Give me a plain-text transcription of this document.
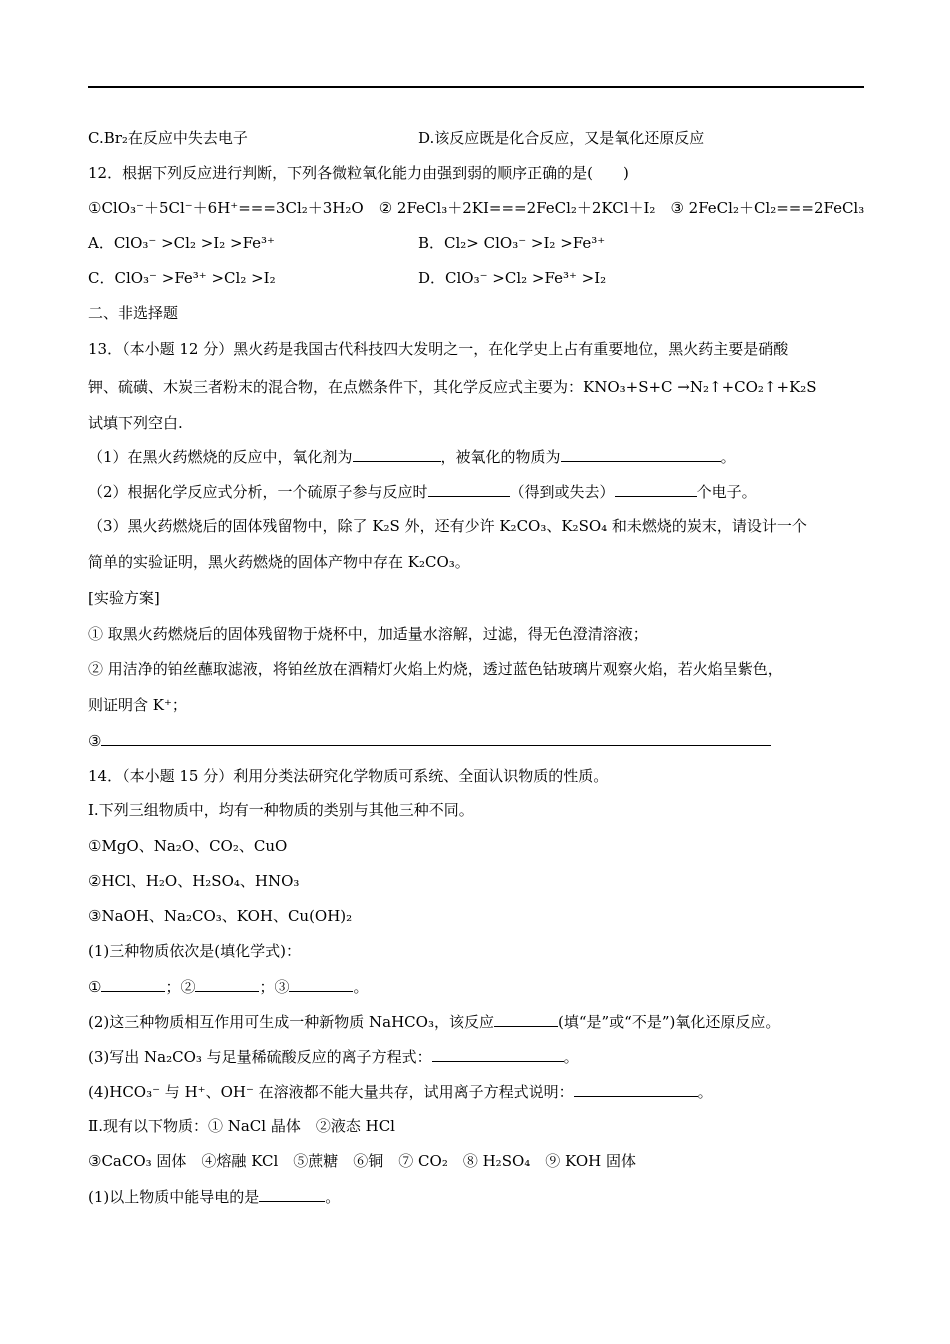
C.Br₂在反应中失去电子	D.该反应既是化合反应，又是氧化还原反应
12．根据下列反应进行判断，下列各微粒氧化能力由强到弱的顺序正确的是(　　)
①ClO₃⁻＋5Cl⁻＋6H⁺===3Cl₂＋3H₂O　② 2FeCl₃＋2KI===2FeCl₂＋2KCl＋I₂　③ 2FeCl₂＋Cl₂===2FeCl₃
A．ClO₃⁻ >Cl₂ >I₂ >Fe³⁺	B．Cl₂> ClO₃⁻ >I₂ >Fe³⁺
C．ClO₃⁻ >Fe³⁺ >Cl₂ >I₂	D．ClO₃⁻ >Cl₂ >Fe³⁺ >I₂
二、非选择题
13．（本小题 12 分）黑火药是我国古代科技四大发明之一，在化学史上占有重要地位，黑火药主要是硝酸
钾、硫磺、木炭三者粉末的混合物，在点燃条件下，其化学反应式主要为：KNO₃+S+C →N₂↑+CO₂↑+K₂S
试填下列空白.
（1）在黑火药燃烧的反应中，氧化剂为	，被氧化的物质为	。
（2）根据化学反应式分析，一个硫原子参与反应时	（得到或失去）	个电子。
（3）黑火药燃烧后的固体残留物中，除了 K₂S 外，还有少许 K₂CO₃、K₂SO₄ 和未燃烧的炭末，请设计一个
简单的实验证明，黑火药燃烧的固体产物中存在 K₂CO₃。
[实验方案]
① 取黑火药燃烧后的固体残留物于烧杯中，加适量水溶解，过滤，得无色澄清溶液；
② 用洁净的铂丝蘸取滤液，将铂丝放在酒精灯火焰上灼烧，透过蓝色钴玻璃片观察火焰，若火焰呈紫色，
则证明含 K⁺；
③
14．（本小题 15 分）利用分类法研究化学物质可系统、全面认识物质的性质。
Ⅰ.下列三组物质中，均有一种物质的类别与其他三种不同。
①MgO、Na₂O、CO₂、CuO
②HCl、H₂O、H₂SO₄、HNO₃
③NaOH、Na₂CO₃、KOH、Cu(OH)₂
(1)三种物质依次是(填化学式)：
①	；②	；③	。
(2)这三种物质相互作用可生成一种新物质 NaHCO₃，该反应	(填“是”或“不是”)氧化还原反应。
(3)写出 Na₂CO₃ 与足量稀硫酸反应的离子方程式：	。
(4)HCO₃⁻ 与 H⁺、OH⁻ 在溶液都不能大量共存，试用离子方程式说明：	。
Ⅱ.现有以下物质：① NaCl 晶体　②液态 HCl
③CaCO₃ 固体　④熔融 KCl　⑤蔗糖　⑥铜　⑦ CO₂　⑧ H₂SO₄　⑨ KOH 固体
(1)以上物质中能导电的是	。
